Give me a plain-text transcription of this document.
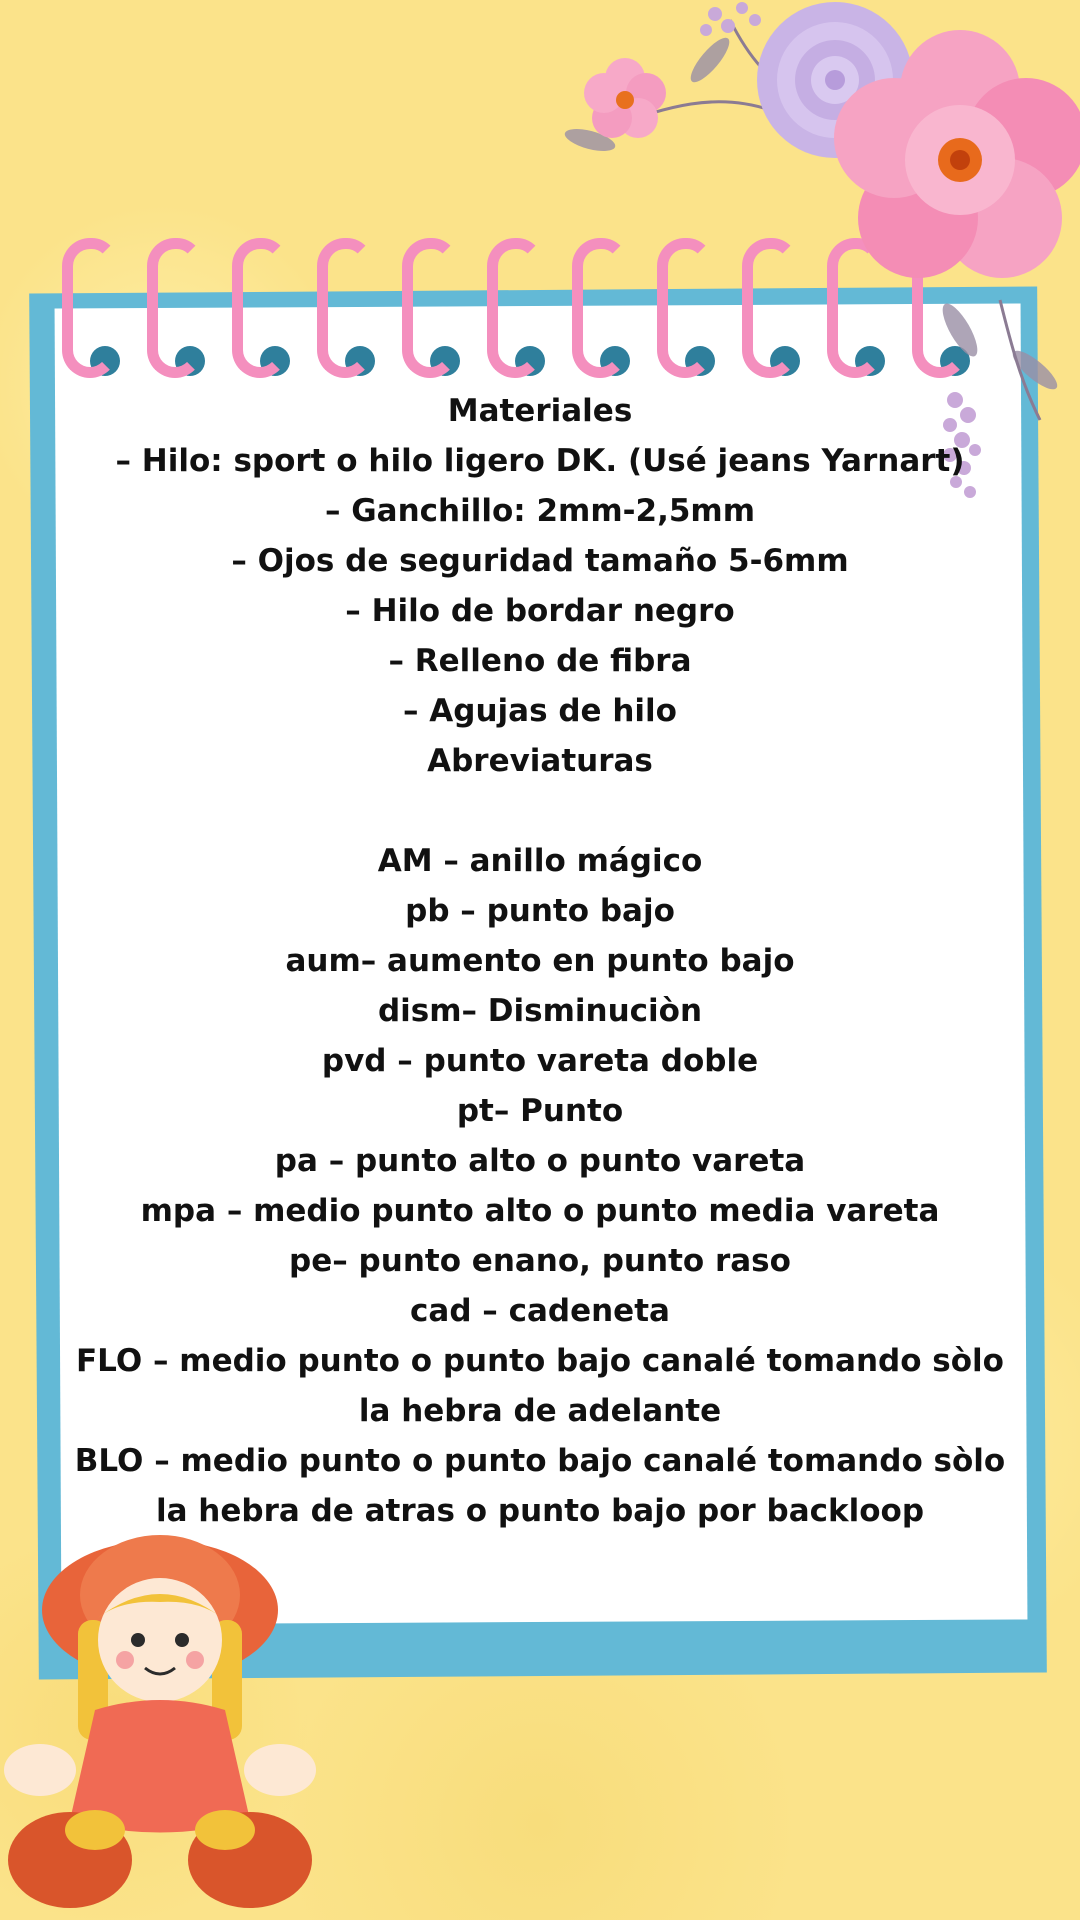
Materiales
– Hilo: sport o hilo ligero DK. (Usé jeans Yarnart)
– Ganchillo: 2mm-2,5mm
– Ojos de seguridad tamaño 5-6mm
– Hilo de bordar negro
– Relleno de fibra
– Agujas de hilo
Abreviaturas
AM – anillo mágico
pb – punto bajo
aum– aumento en punto bajo
dism– Disminuciòn
pvd – punto vareta doble
pt– Punto
pa – punto alto o punto vareta
mpa – medio punto alto o punto media vareta
pe– punto enano, punto raso
cad – cadeneta
FLO – medio punto o punto bajo canalé tomando sòlo la hebra de adelante
BLO – medio punto o punto bajo canalé tomando sòlo la hebra de atras o punto bajo por backloop
